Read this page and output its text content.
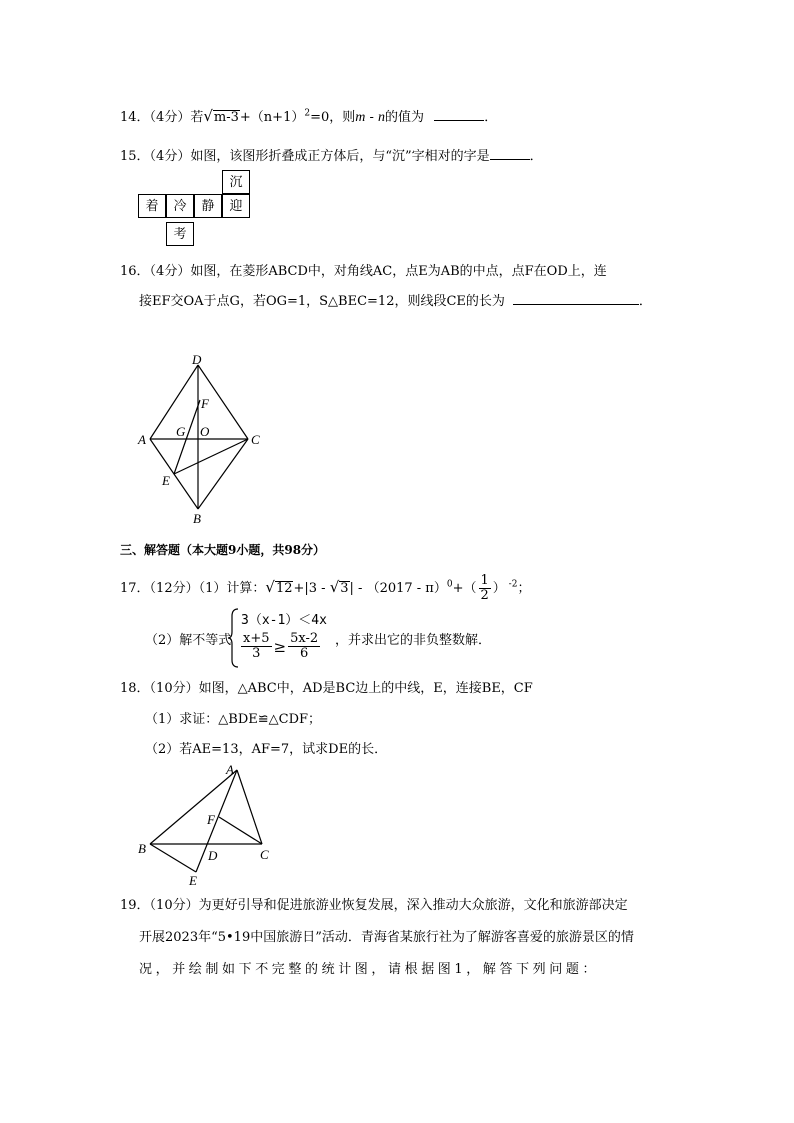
14．（4分）若$√m-3+(n+1)^2=0$，则m - n的值为	．
15．（4分）如图，该图形折叠成正方体后，与“沉”字相对的字是	．
沉
着	冷	静	迎
考
16．（4分）如图，在菱形ABCD中，对角线AC，点E为AB的中点，点F在OD上，连
接EF交OA于点G，若OG=1，S△BEC=12，则线段CE的长为	．
D
F
A
G O
C
E
B
三、解答题（本大题9小题，共98分）
17．（12分）（1）计算：$√12+|3 - √3| - (2017 - \pi)^0+( \frac{1}{2}$ ） $^{-2}$；
（2）解不等式
3（x-1）＜4x
$\frac{x+5}{3} \ge \frac{5x-2}{6}$ ，并求出它的非负整数解．
18．（10分）如图，△ABC中，AD是BC边上的中线，E，连接BE，CF
（1）求证：△BDE≌△CDF；
（2）若AE=13，AF=7，试求DE的长．
A
F
B	D	C
E
19．（10分）为更好引导和促进旅游业恢复发展，深入推动大众旅游，文化和旅游部决定
开展2023年“5•19中国旅游日”活动．青海省某旅行社为了解游客喜爱的旅游景区的情
况，并绘制如下不完整的统计图，请根据图1，解答下列问题：
